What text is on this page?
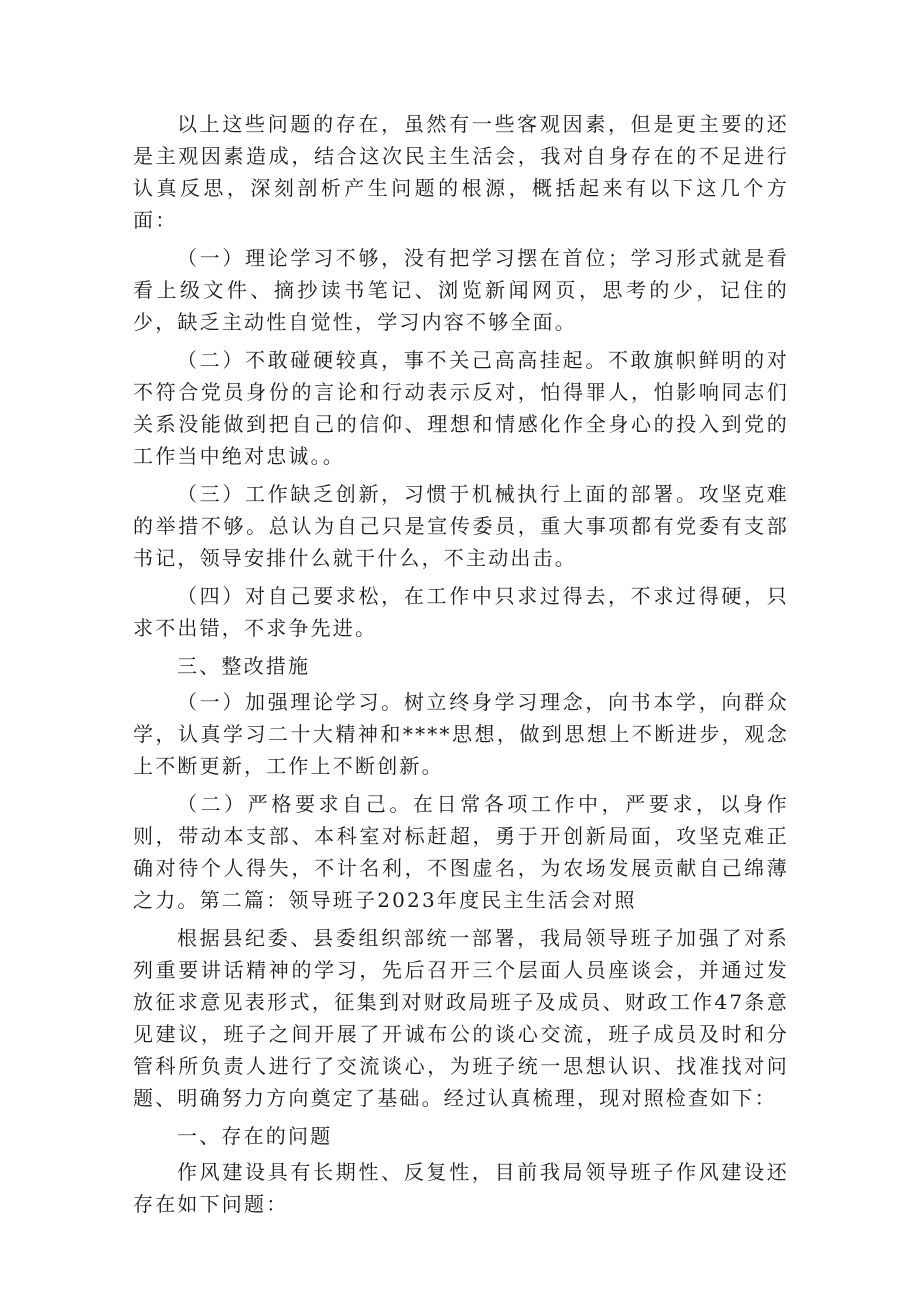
以上这些问题的存在，虽然有一些客观因素，但是更主要的还是主观因素造成，结合这次民主生活会，我对自身存在的不足进行认真反思，深刻剖析产生问题的根源，概括起来有以下这几个方面：

（一）理论学习不够，没有把学习摆在首位；学习形式就是看看上级文件、摘抄读书笔记、浏览新闻网页，思考的少，记住的少，缺乏主动性自觉性，学习内容不够全面。

（二）不敢碰硬较真，事不关己高高挂起。不敢旗帜鲜明的对不符合党员身份的言论和行动表示反对，怕得罪人，怕影响同志们关系没能做到把自己的信仰、理想和情感化作全身心的投入到党的工作当中绝对忠诚。。

（三）工作缺乏创新，习惯于机械执行上面的部署。攻坚克难的举措不够。总认为自己只是宣传委员，重大事项都有党委有支部书记，领导安排什么就干什么，不主动出击。

（四）对自己要求松，在工作中只求过得去，不求过得硬，只求不出错，不求争先进。

三、整改措施

（一）加强理论学习。树立终身学习理念，向书本学，向群众学，认真学习二十大精神和****思想，做到思想上不断进步，观念上不断更新，工作上不断创新。

（二）严格要求自己。在日常各项工作中，严要求，以身作则，带动本支部、本科室对标赶超，勇于开创新局面，攻坚克难正确对待个人得失，不计名利，不图虚名，为农场发展贡献自己绵薄之力。第二篇：领导班子2023年度民主生活会对照

根据县纪委、县委组织部统一部署，我局领导班子加强了对系列重要讲话精神的学习，先后召开三个层面人员座谈会，并通过发放征求意见表形式，征集到对财政局班子及成员、财政工作47条意见建议，班子之间开展了开诚布公的谈心交流，班子成员及时和分管科所负责人进行了交流谈心，为班子统一思想认识、找准找对问题、明确努力方向奠定了基础。经过认真梳理，现对照检查如下：

一、存在的问题

作风建设具有长期性、反复性，目前我局领导班子作风建设还存在如下问题：
